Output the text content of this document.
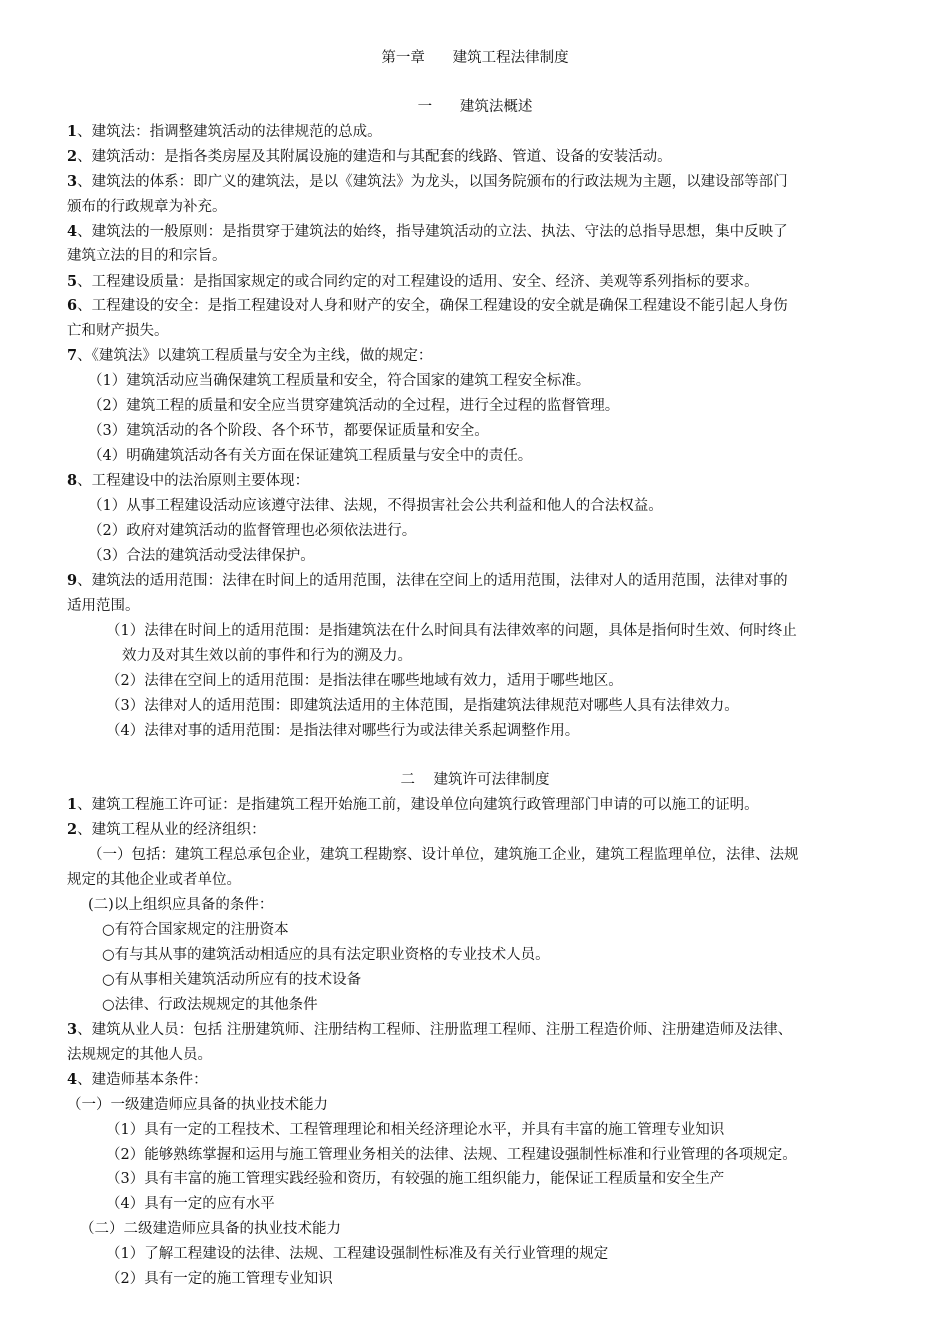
第一章      建筑工程法律制度
一      建筑法概述
1、建筑法：指调整建筑活动的法律规范的总成。
2、建筑活动：是指各类房屋及其附属设施的建造和与其配套的线路、管道、设备的安装活动。
3、建筑法的体系：即广义的建筑法，是以《建筑法》为龙头，以国务院颁布的行政法规为主题，以建设部等部门
颁布的行政规章为补充。
4、建筑法的一般原则：是指贯穿于建筑法的始终，指导建筑活动的立法、执法、守法的总指导思想，集中反映了
建筑立法的目的和宗旨。
5、工程建设质量：是指国家规定的或合同约定的对工程建设的适用、安全、经济、美观等系列指标的要求。
6、工程建设的安全：是指工程建设对人身和财产的安全，确保工程建设的安全就是确保工程建设不能引起人身伤
亡和财产损失。
7、《建筑法》以建筑工程质量与安全为主线，做的规定：
（1）建筑活动应当确保建筑工程质量和安全，符合国家的建筑工程安全标准。
（2）建筑工程的质量和安全应当贯穿建筑活动的全过程，进行全过程的监督管理。
（3）建筑活动的各个阶段、各个环节，都要保证质量和安全。
（4）明确建筑活动各有关方面在保证建筑工程质量与安全中的责任。
8、工程建设中的法治原则主要体现：
（1）从事工程建设活动应该遵守法律、法规，不得损害社会公共利益和他人的合法权益。
（2）政府对建筑活动的监督管理也必须依法进行。
（3）合法的建筑活动受法律保护。
9、建筑法的适用范围：法律在时间上的适用范围，法律在空间上的适用范围，法律对人的适用范围，法律对事的
适用范围。
（1）法律在时间上的适用范围：是指建筑法在什么时间具有法律效率的问题，具体是指何时生效、何时终止
效力及对其生效以前的事件和行为的溯及力。
（2）法律在空间上的适用范围：是指法律在哪些地域有效力，适用于哪些地区。
（3）法律对人的适用范围：即建筑法适用的主体范围，是指建筑法律规范对哪些人具有法律效力。
（4）法律对事的适用范围：是指法律对哪些行为或法律关系起调整作用。
二    建筑许可法律制度
1、建筑工程施工许可证：是指建筑工程开始施工前，建设单位向建筑行政管理部门申请的可以施工的证明。
2、建筑工程从业的经济组织：
（一）包括：建筑工程总承包企业，建筑工程勘察、设计单位，建筑施工企业，建筑工程监理单位，法律、法规
规定的其他企业或者单位。
(二)以上组织应具备的条件：
○有符合国家规定的注册资本
○有与其从事的建筑活动相适应的具有法定职业资格的专业技术人员。
○有从事相关建筑活动所应有的技术设备
○法律、行政法规规定的其他条件
3、建筑从业人员：包括 注册建筑师、注册结构工程师、注册监理工程师、注册工程造价师、注册建造师及法律、
法规规定的其他人员。
4、建造师基本条件：
（一）一级建造师应具备的执业技术能力
（1）具有一定的工程技术、工程管理理论和相关经济理论水平，并具有丰富的施工管理专业知识
（2）能够熟练掌握和运用与施工管理业务相关的法律、法规、工程建设强制性标准和行业管理的各项规定。
（3）具有丰富的施工管理实践经验和资历，有较强的施工组织能力，能保证工程质量和安全生产
（4）具有一定的应有水平
（二）二级建造师应具备的执业技术能力
（1）了解工程建设的法律、法规、工程建设强制性标准及有关行业管理的规定
（2）具有一定的施工管理专业知识
